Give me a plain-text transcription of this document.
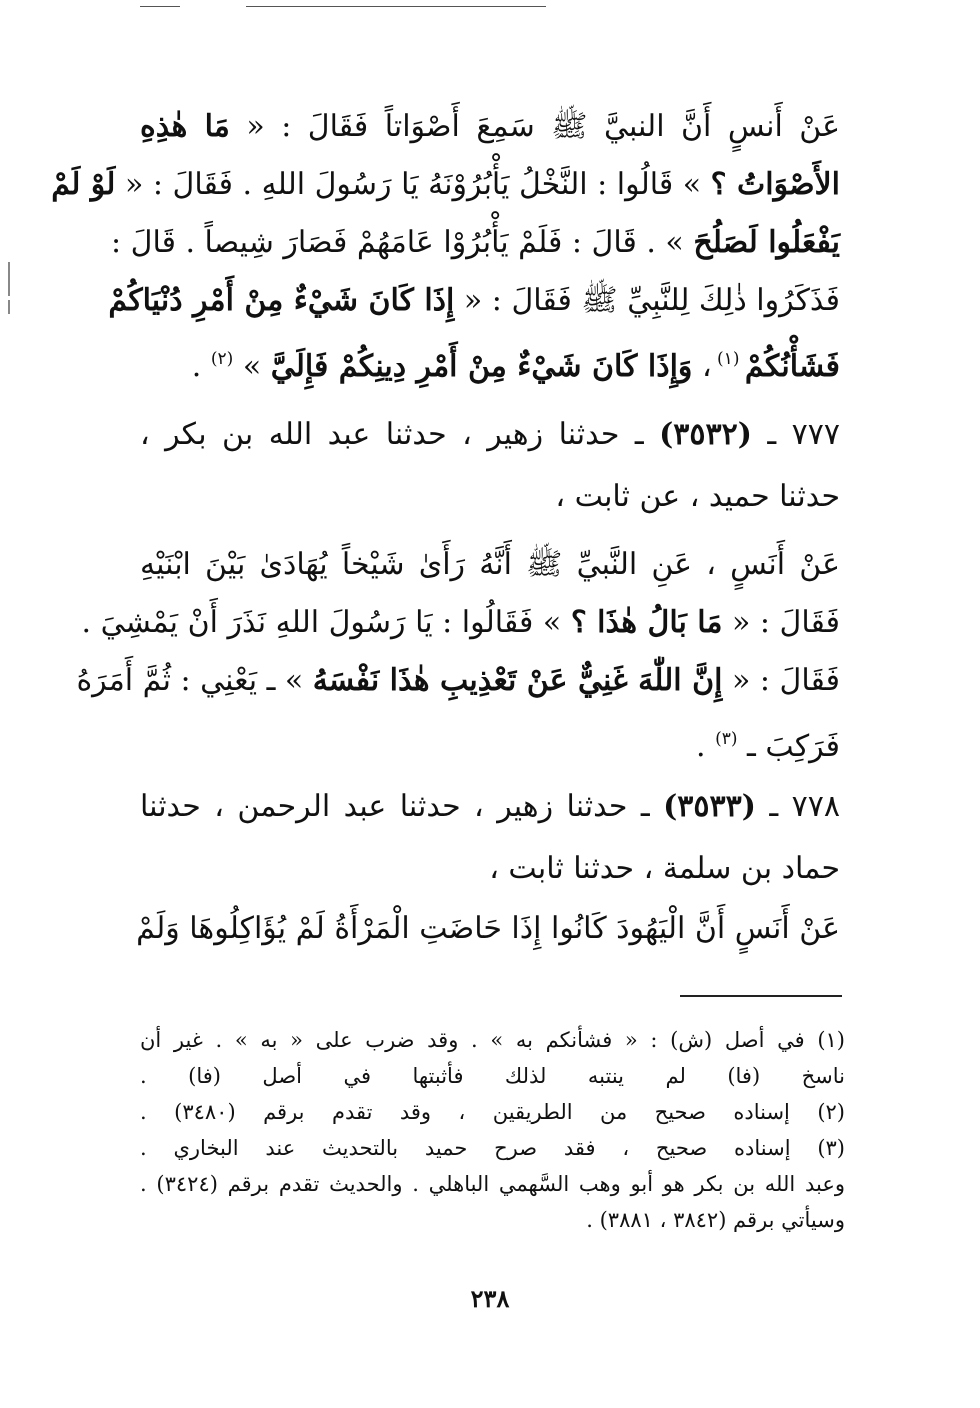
عَنْ أَنسٍ أَنَّ النبيَّ ﷺ سَمِعَ أَصْوَاتاً فَقَالَ : « مَا هٰذِهِ
الأَصْوَاتُ ؟ » قَالُوا : النَّخْلُ يَأْبُرُوْنَهُ يَا رَسُولَ اللهِ . فَقَالَ : « لَوْ لَمْ
يَفْعَلُوا لَصَلُحَ » . قَالَ : فَلَمْ يَأْبُرُوْا عَامَهُمْ فَصَارَ شِيصاً . قَالَ :
فَذَكَرُوا ذٰلِكَ لِلنَّبِيِّ ﷺ فَقَالَ : « إِذَا كَانَ شَيْءٌ مِنْ أَمْرِ دُنْيَاكُمْ
فَشَأْنُكُمْ $^{(١)}$ ، وَإِذَا كَانَ شَيْءٌ مِنْ أَمْرِ دِينِكُمْ فَإِلَيَّ » $^{(٢)}$ .
٧٧٧ ـ (٣٥٣٢) ـ حدثنا زهير ، حدثنا عبد الله بن بكر ،
حدثنا حميد ، عن ثابت ،
عَنْ أَنَسٍ ، عَنِ النَّبيِّ ﷺ أَنَّهُ رَأَىٰ شَيْخاً يُهَادَىٰ بَيْنَ ابْنَيْهِ
فَقَالَ : « مَا بَالُ هٰذَا ؟ » فَقَالُوا : يَا رَسُولَ اللهِ نَذَرَ أَنْ يَمْشِيَ .
فَقَالَ : « إِنَّ اللّٰهَ غَنِيٌّ عَنْ تَعْذِيبِ هٰذَا نَفْسَهُ » ـ يَعْنِي : ثُمَّ أَمَرَهُ
فَرَكِبَ ـ $^{(٣)}$ .
٧٧٨ ـ (٣٥٣٣) ـ حدثنا زهير ، حدثنا عبد الرحمن ، حدثنا
حماد بن سلمة ، حدثنا ثابت ،
عَنْ أَنَسٍ أَنَّ الْيَهُودَ كَانُوا إِذَا حَاضَتِ الْمَرْأَةُ لَمْ يُؤَاكِلُوهَا وَلَمْ
(١) في أصل (ش) : « فشأنكم به » . وقد ضرب على « به » . غير أن
ناسخ (فا) لم ينتبه لذلك فأثبتها في أصل (فا) .
(٢) إسناده صحيح من الطريقين ، وقد تقدم برقم (٣٤٨٠) .
(٣) إسناده صحيح ، فقد صرح حميد بالتحديث عند البخاري .
وعبد الله بن بكر هو أبو وهب السَّهمي الباهلي . والحديث تقدم برقم (٣٤٢٤) .
وسيأتي برقم (٣٨٤٢ ، ٣٨٨١) .
٢٣٨
